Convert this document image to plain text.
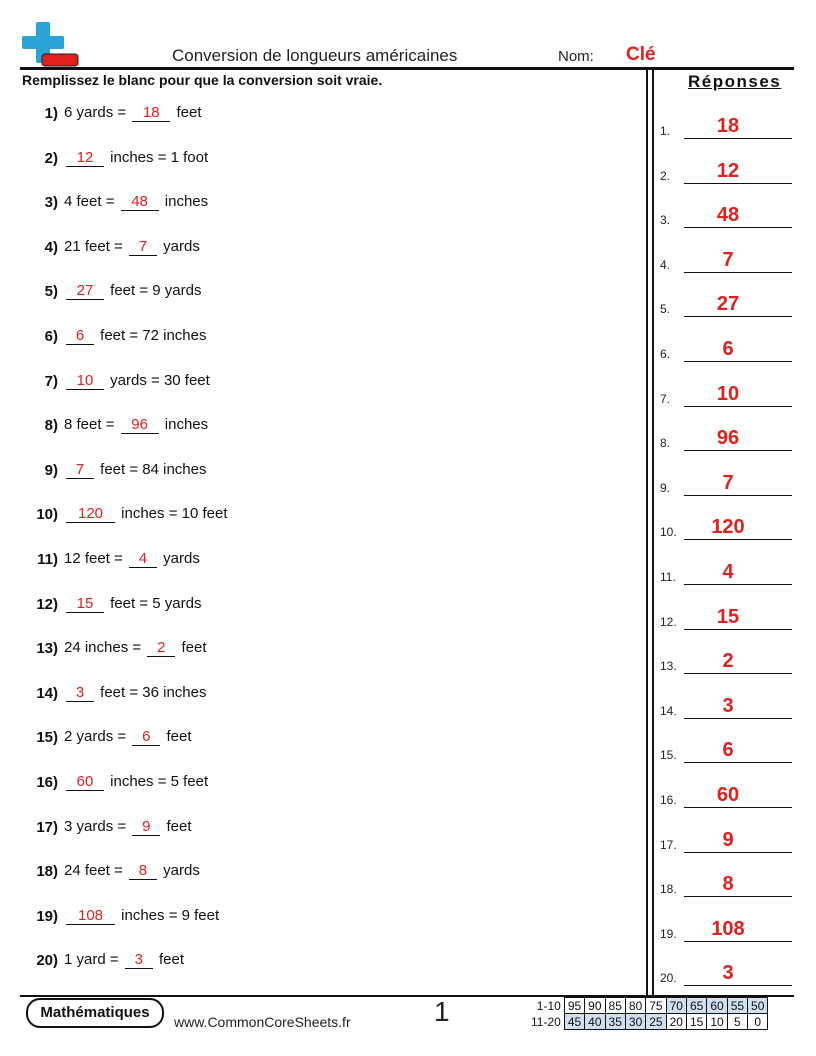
Conversion de longueurs américaines	Nom: Clé
Remplissez le blanc pour que la conversion soit vraie.	Réponses
1) 6 yards = 18 feet
2)	12 inches = 1 foot
3) 4 feet = 48 inches
4) 21 feet = 7 yards
5)	27 feet = 9 yards
6)	6 feet = 72 inches
7)	10 yards = 30 feet
8) 8 feet = 96 inches
9)	7 feet = 84 inches
10)	120 inches = 10 feet
11) 12 feet = 4 yards
12)	15 feet = 5 yards
13) 24 inches = 2 feet
14)	3 feet = 36 inches
15) 2 yards = 6 feet
16)	60 inches = 5 feet
17) 3 yards = 9 feet
18) 24 feet = 8 yards
19)	108 inches = 9 feet
20) 1 yard = 3 feet
1.	18
2.	12
3.	48
4.	7
5.	27
6.	6
7.	10
8.	96
9.	7
10.	120
11.	4
12.	15
13.	2
14.	3
15.	6
16.	60
17.	9
18.	8
19.	108
20.	3
Mathématiques
www.CommonCoreSheets.fr	1	1-10	95	90	85	80	75	70	65	60	55	50
11-20	45	40	35	30	25	20	15	10	5	0
